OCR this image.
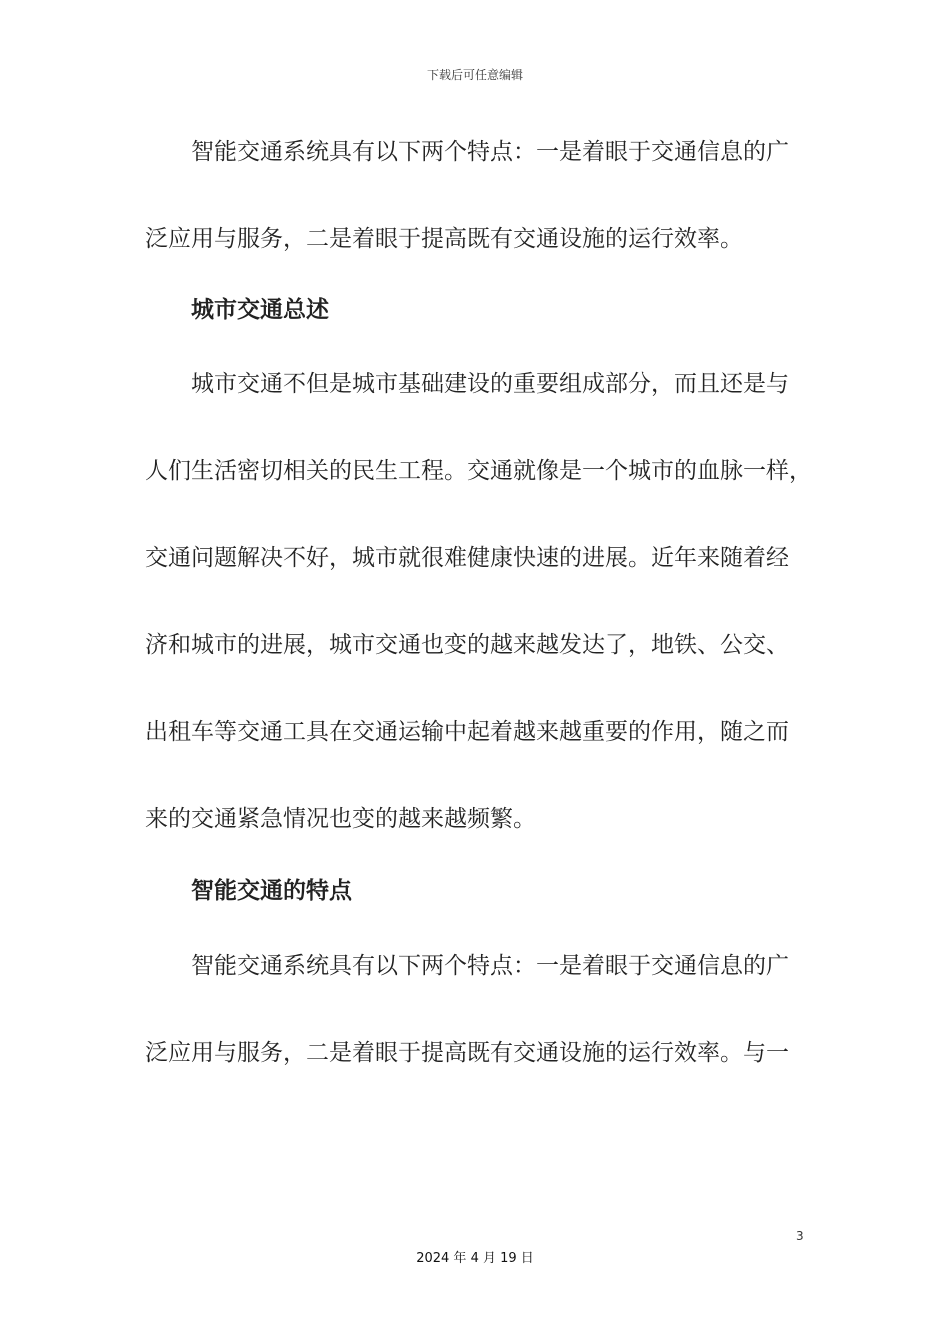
下载后可任意编辑
智能交通系统具有以下两个特点：一是着眼于交通信息的广
泛应用与服务，二是着眼于提高既有交通设施的运行效率。
城市交通总述
城市交通不但是城市基础建设的重要组成部分，而且还是与
人们生活密切相关的民生工程。交通就像是一个城市的血脉一样，
交通问题解决不好，城市就很难健康快速的进展。近年来随着经
济和城市的进展，城市交通也变的越来越发达了，地铁、公交、
出租车等交通工具在交通运输中起着越来越重要的作用，随之而
来的交通紧急情况也变的越来越频繁。
智能交通的特点
智能交通系统具有以下两个特点：一是着眼于交通信息的广
泛应用与服务，二是着眼于提高既有交通设施的运行效率。与一
3
2024 年 4 月 19 日
